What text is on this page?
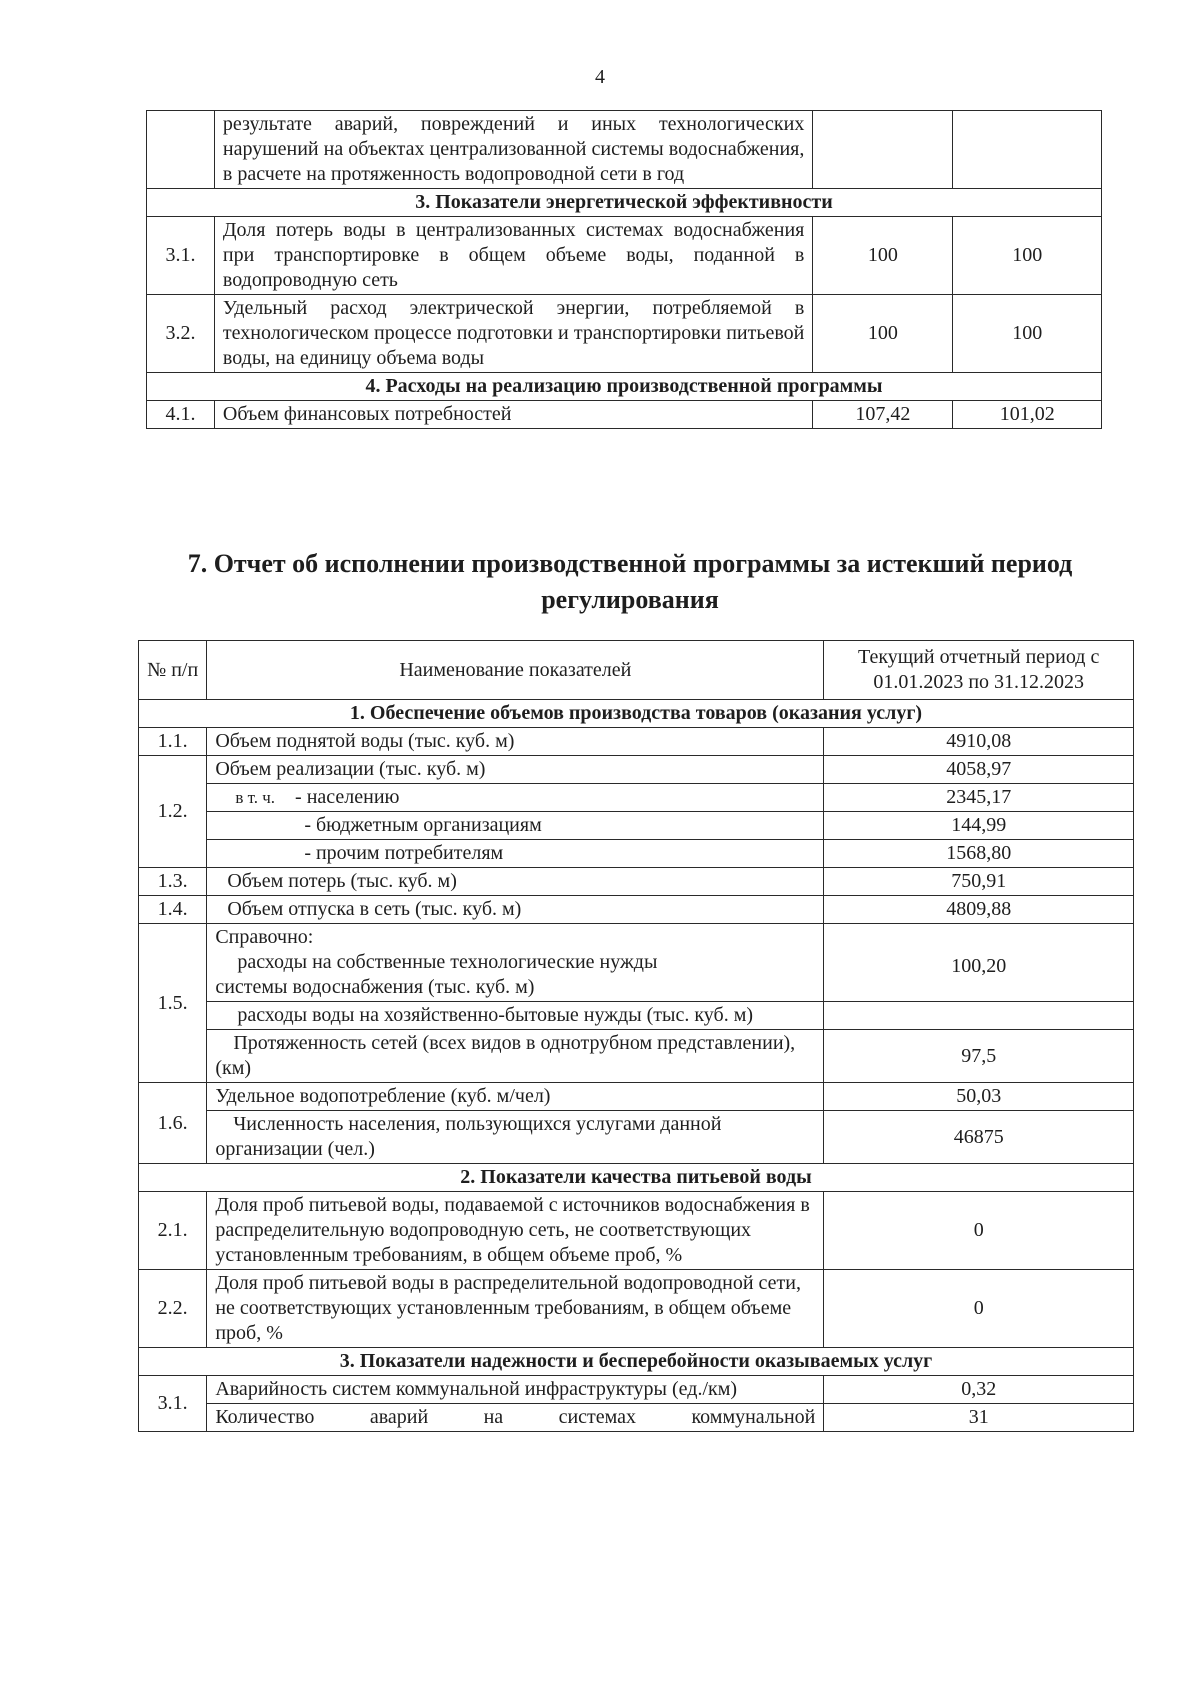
4
	результате аварий, повреждений и иных технологических нарушений на объектах централизованной системы водоснабжения, в расчете на протяженность водопроводной сети в год		
3. Показатели энергетической эффективности			
3.1.	Доля потерь воды в централизованных системах водоснабжения при транспортировке в общем объеме воды, поданной в водопроводную сеть	100	100
3.2.	Удельный расход электрической энергии, потребляемой в технологическом процессе подготовки и транспортировки питьевой воды, на единицу объема воды	100	100
4. Расходы на реализацию производственной программы			
4.1.	Объем финансовых потребностей	107,42	101,02
7. Отчет об исполнении производственной программы за истекший период
регулирования
№ п/п	Наименование показателей	Текущий отчетный период с 01.01.2023 по 31.12.2023
1. Обеспечение объемов производства товаров (оказания услуг)		
1.1.	Объем поднятой воды (тыс. куб. м)	4910,08
1.2.	Объем реализации (тыс. куб. м)	4058,97
	в т. ч. - населению	2345,17
	- бюджетным организациям	144,99
	- прочим потребителям	1568,80
1.3.	Объем потерь (тыс. куб. м)	750,91
1.4.	Объем отпуска в сеть (тыс. куб. м)	4809,88
1.5.	Справочно:
расходы на собственные технологические нужды
системы водоснабжения (тыс. куб. м)	100,20
	расходы воды на хозяйственно-бытовые нужды (тыс. куб. м)	
	Протяженность сетей (всех видов в однотрубном представлении), (км)	97,5
1.6.	Удельное водопотребление (куб. м/чел)	50,03
	Численность населения, пользующихся услугами данной организации (чел.)	46875
2. Показатели качества питьевой воды		
2.1.	Доля проб питьевой воды, подаваемой с источников водоснабжения в распределительную водопроводную сеть, не соответствующих установленным требованиям, в общем объеме проб, %	0
2.2.	Доля проб питьевой воды в распределительной водопроводной сети, не соответствующих установленным требованиям, в общем объеме проб, %	0
3. Показатели надежности и бесперебойности оказываемых услуг		
3.1.	Аварийность систем коммунальной инфраструктуры (ед./км)	0,32
	Количество аварий на системах коммунальной	31
